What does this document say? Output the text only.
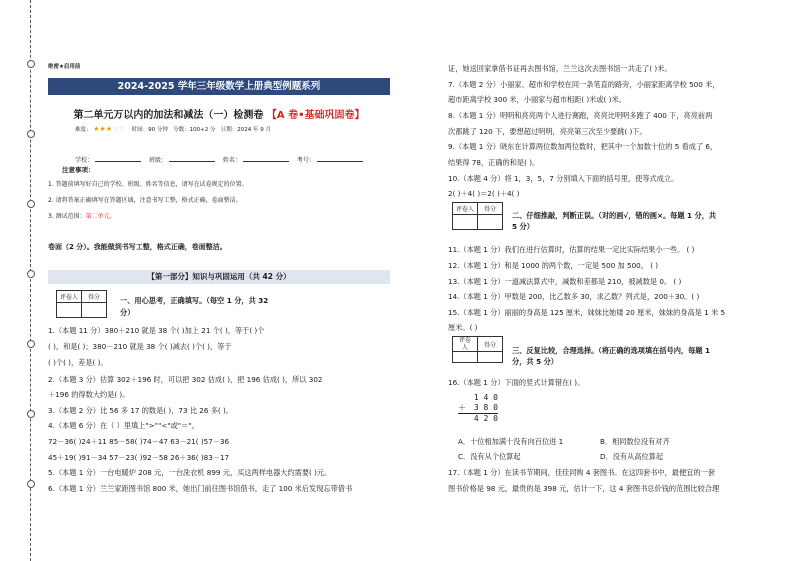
绝密★启用前
2024-2025 学年三年级数学上册典型例题系列
第二单元万以内的加法和减法（一）检测卷 【A 卷•基础巩固卷】
难度： ★★★☆☆ 时间：90 分钟 分数：100+2 分 日期：2024 年 9 月
学校：	班级：	姓名：	考号：
注意事项：
1. 答题前填写好自己的学校、班级、姓名等信息，请写在试卷规定的位置。
2. 请将答案正确填写在答题区域，注意书写工整，格式正确，卷面整洁。
3. 测试范围：第二单元。
卷面（2 分）。我能做到书写工整，格式正确，卷面整洁。
【第一部分】知识与巩固运用（共 42 分）
评卷人	得分
		一、用心思考，正确填写。（每空 1 分，共 32
分）
1.（本题 11 分）380＋210 就是 38 个( )加上 21 个( )，等于( )个
( )，和是( )；380－210 就是 38 个( )减去( )个( )，等于
( )个( )，差是( )。
2.（本题 3 分）估算 302＋196 时，可以把 302 估成( )，把 196 估成( )，所以 302
＋196 的得数大约是( )。
3.（本题 2 分）比 56 多 17 的数是( )，73 比 26 多( )。
4.（本题 6 分）在（ ）里填上">""<"或"＝"。
72－36( )24＋11 85－58( )74－47 63－21( )57－36
45＋19( )91－34 57－23( )92－58 26＋36( )83－17
5.（本题 1 分）一台电暖炉 208 元，一台洗衣机 899 元，买这两样电器大约需要( )元。
6.（本题 1 分）兰兰家距图书馆 800 米，她出门前往图书馆借书，走了 100 米后发现忘带借书
证，她送回家拿借书证再去图书馆，兰兰这次去图书馆一共走了( )米。
7.（本题 2 分）小丽家、超市和学校在同一条笔直的路旁，小丽家距离学校 500 米，
超市距离学校 300 米，小丽家与超市相距( )米或( )米。
8.（本题 1 分）明明和亮亮两个人进行赛跑，亮亮比明明多跑了 400 下，亮亮前两
次都跳了 120 下，要想超过明明，亮亮第三次至少要跳( )下。
9.（本题 1 分）晓东在计算两位数加两位数时，把其中一个加数十位的 5 看成了 6，
结果得 78，正确的和是( )。
10.（本题 4 分）将 1，3，5，7 分别填入下面的括号里，使等式成立。
2( )＋4( )＝2( )＋4( )
评卷人	得分

二、仔细推敲，判断正误。（对的画√，错的画×。每题 1 分，共
5 分）
11.（本题 1 分）我们在进行估算时，估算的结果一定比实际结果小一些。 ( )
12.（本题 1 分）和是 1000 的两个数，一定是 500 加 500。 ( )
13.（本题 1 分）一道减法算式中，减数和差都是 210，被减数是 0。 ( )
14.（本题 1 分）甲数是 200，比乙数多 30，求乙数？列式是，200＋30。( )
15.（本题 1 分）丽丽的身高是 125 厘米，妹妹比她矮 20 厘米，妹妹的身高是 1 米 5
厘米。( )
评卷
人	得分

三、反复比较，合理选择。（将正确的选项填在括号内，每题 1
分，共 5 分）
16.（本题 1 分）下面的竖式计算错在( )。
1 4 0
＋ 3 8 0
4 2 0
A．十位相加满十没有向百位进 1	B．相同数位没有对齐
C．没有从个位算起	D．没有从高位算起
17.（本题 1 分）在读书节期间，佳佳同购 4 套图书。在这四套书中，最便宜的一套
图书价格是 98 元，最贵的是 398 元，估计一下，这 4 套图书总价钱的范围比较合理
